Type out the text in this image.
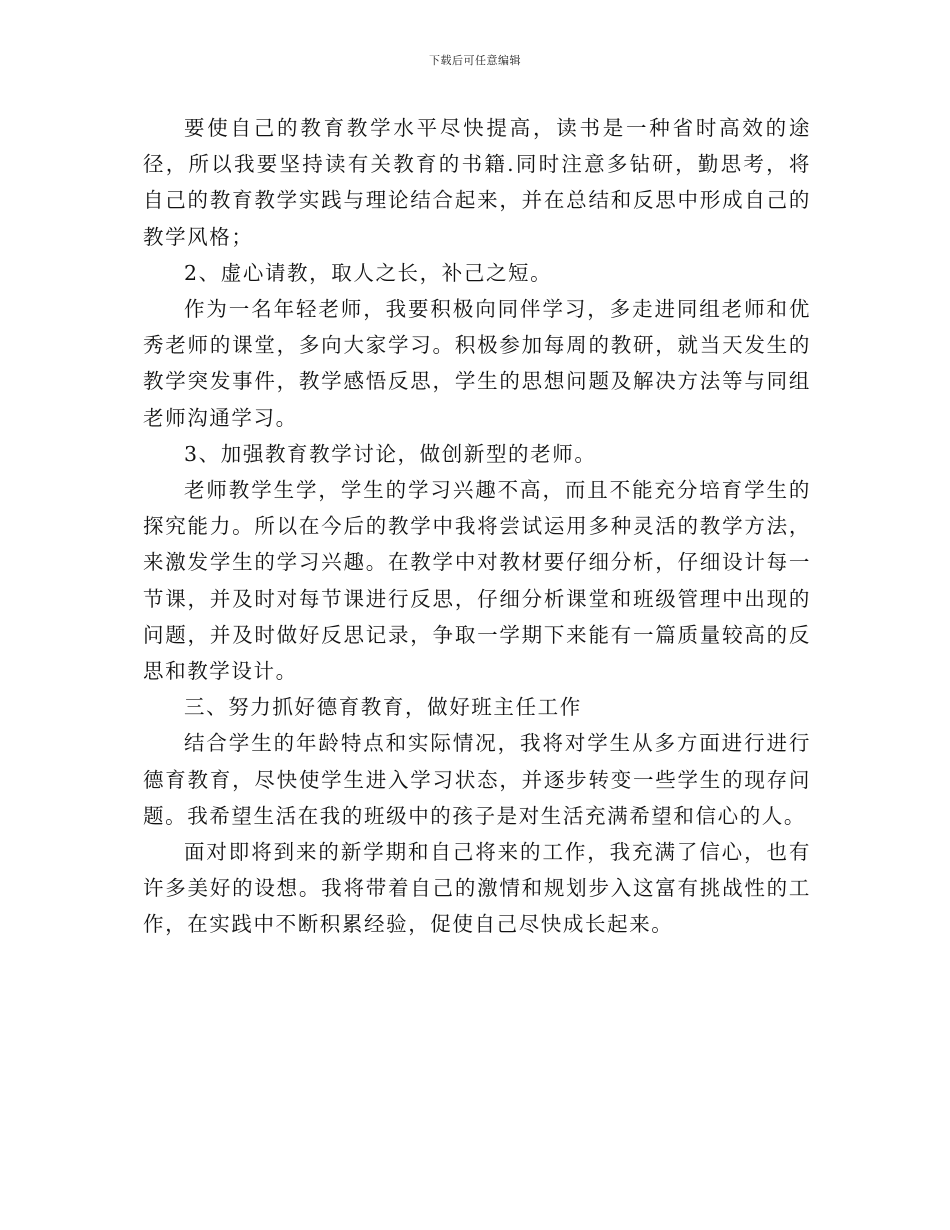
下载后可任意编辑

要使自己的教育教学水平尽快提高，读书是一种省时高效的途径，所以我要坚持读有关教育的书籍.同时注意多钻研，勤思考，将自己的教育教学实践与理论结合起来，并在总结和反思中形成自己的教学风格；

2、虚心请教，取人之长，补己之短。

作为一名年轻老师，我要积极向同伴学习，多走进同组老师和优秀老师的课堂，多向大家学习。积极参加每周的教研，就当天发生的教学突发事件，教学感悟反思，学生的思想问题及解决方法等与同组老师沟通学习。

3、加强教育教学讨论，做创新型的老师。

老师教学生学，学生的学习兴趣不高，而且不能充分培育学生的探究能力。所以在今后的教学中我将尝试运用多种灵活的教学方法，来激发学生的学习兴趣。在教学中对教材要仔细分析，仔细设计每一节课，并及时对每节课进行反思，仔细分析课堂和班级管理中出现的问题，并及时做好反思记录，争取一学期下来能有一篇质量较高的反思和教学设计。

三、努力抓好德育教育，做好班主任工作

结合学生的年龄特点和实际情况，我将对学生从多方面进行进行德育教育，尽快使学生进入学习状态，并逐步转变一些学生的现存问题。我希望生活在我的班级中的孩子是对生活充满希望和信心的人。

面对即将到来的新学期和自己将来的工作，我充满了信心，也有许多美好的设想。我将带着自己的激情和规划步入这富有挑战性的工作，在实践中不断积累经验，促使自己尽快成长起来。
